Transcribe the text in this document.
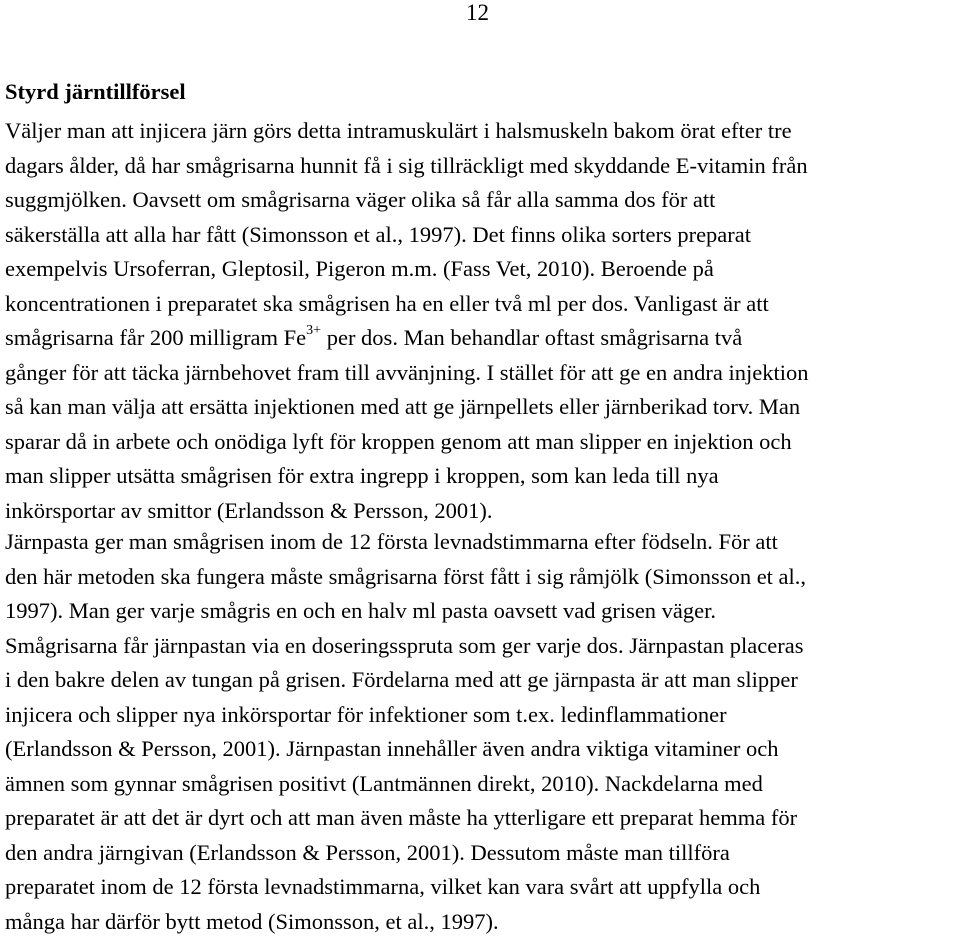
12
Styrd järntillförsel
Väljer man att injicera järn görs detta intramuskulärt i halsmuskeln bakom örat efter tre
dagars ålder, då har smågrisarna hunnit få i sig tillräckligt med skyddande E-vitamin från
suggmjölken. Oavsett om smågrisarna väger olika så får alla samma dos för att
säkerställa att alla har fått (Simonsson et al., 1997). Det finns olika sorters preparat
exempelvis Ursoferran, Gleptosil, Pigeron m.m. (Fass Vet, 2010). Beroende på
koncentrationen i preparatet ska smågrisen ha en eller två ml per dos. Vanligast är att
smågrisarna får 200 milligram Fe$^{3+}$ per dos. Man behandlar oftast smågrisarna två
gånger för att täcka järnbehovet fram till avvänjning. I stället för att ge en andra injektion
så kan man välja att ersätta injektionen med att ge järnpellets eller järnberikad torv. Man
sparar då in arbete och onödiga lyft för kroppen genom att man slipper en injektion och
man slipper utsätta smågrisen för extra ingrepp i kroppen, som kan leda till nya
inkörsportar av smittor (Erlandsson & Persson, 2001).
Järnpasta ger man smågrisen inom de 12 första levnadstimmarna efter födseln. För att
den här metoden ska fungera måste smågrisarna först fått i sig råmjölk (Simonsson et al.,
1997). Man ger varje smågris en och en halv ml pasta oavsett vad grisen väger.
Smågrisarna får järnpastan via en doseringsspruta som ger varje dos. Järnpastan placeras
i den bakre delen av tungan på grisen. Fördelarna med att ge järnpasta är att man slipper
injicera och slipper nya inkörsportar för infektioner som t.ex. ledinflammationer
(Erlandsson & Persson, 2001). Järnpastan innehåller även andra viktiga vitaminer och
ämnen som gynnar smågrisen positivt (Lantmännen direkt, 2010). Nackdelarna med
preparatet är att det är dyrt och att man även måste ha ytterligare ett preparat hemma för
den andra järngivan (Erlandsson & Persson, 2001). Dessutom måste man tillföra
preparatet inom de 12 första levnadstimmarna, vilket kan vara svårt att uppfylla och
många har därför bytt metod (Simonsson, et al., 1997).
